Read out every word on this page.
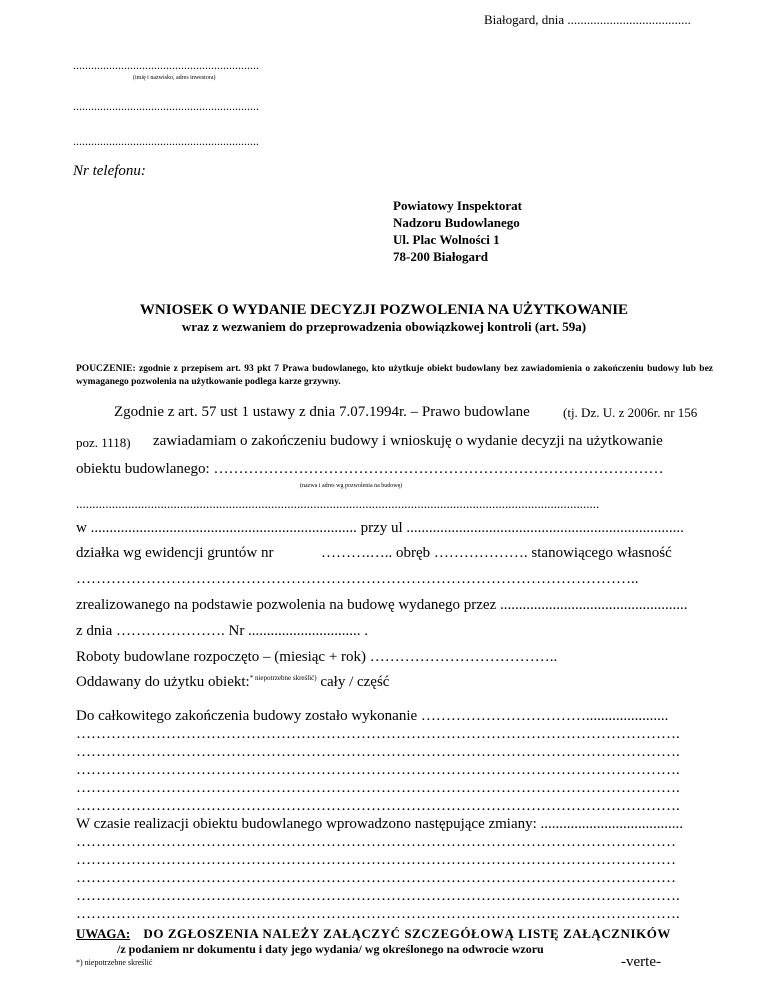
Białogard, dnia ......................................
..............................................................
(imię i nazwisko, adres inwestora)
..............................................................
..............................................................
Nr telefonu:
Powiatowy Inspektorat
Nadzoru Budowlanego
Ul. Plac Wolności 1
78-200 Białogard
WNIOSEK O WYDANIE DECYZJI POZWOLENIA NA UŻYTKOWANIE
wraz z wezwaniem do przeprowadzenia obowiązkowej kontroli (art. 59a)
POUCZENIE: zgodnie z przepisem art. 93 pkt 7 Prawa budowlanego, kto użytkuje obiekt budowlany bez zawiadomienia o zakończeniu budowy lub bez wymaganego pozwolenia na użytkowanie podlega karze grzywny.
Zgodnie z art. 57 ust 1 ustawy z dnia 7.07.1994r. – Prawo budowlane	(tj. Dz. U. z 2006r. nr 156
poz. 1118) zawiadamiam o zakończeniu budowy i wnioskuję o wydanie decyzji na użytkowanie
obiektu budowlanego: ………………………………………………………………………………
(nazwa i adres wg pozwolenia na budowę)
.................................................................................................................................................................
w ....................................................................... przy ul ..........................................................................
działka wg ewidencji gruntów nr	……….….. obręb ………………. stanowiącego własność
…………………………………………………………………………………………………..
zrealizowanego na podstawie pozwolenia na budowę wydanego przez ..................................................
z dnia …………………. Nr .............................. .
Roboty budowlane rozpoczęto – (miesiąc + rok) ………………………………..
Oddawany do użytku obiekt:$^{* niepotrzebne skreślić)}$ cały / część
Do całkowitego zakończenia budowy zostało wykonanie ……………………………......................
………………………………………………………………………………………………………….
………………………………………………………………………………………………………….
………………………………………………………………………………………………………….
………………………………………………………………………………………………………….
………………………………………………………………………………………………………….
W czasie realizacji obiektu budowlanego wprowadzono następujące zmiany: ......................................
…………………………………………………………………………………………………………
…………………………………………………………………………………………………………
…………………………………………………………………………………………………………
………………………………………………………………………………………………………….
………………………………………………………………………………………………………….
UWAGA: DO ZGŁOSZENIA NALEŻY ZAŁĄCZYĆ SZCZEGÓŁOWĄ LISTĘ ZAŁĄCZNIKÓW
/z podaniem nr dokumentu i daty jego wydania/ wg określonego na odwrocie wzoru
*) niepotrzebne skreślić	-verte-
